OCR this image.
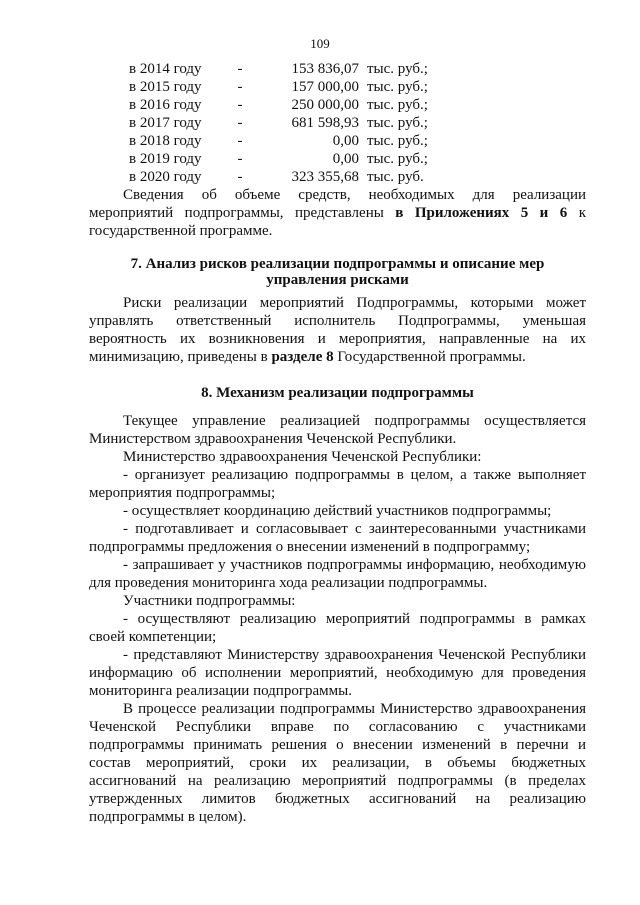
109
в 2014 году	-	153 836,07 тыс. руб.;
в 2015 году	-	157 000,00 тыс. руб.;
в 2016 году	-	250 000,00 тыс. руб.;
в 2017 году	-	681 598,93 тыс. руб.;
в 2018 году	-	0,00 тыс. руб.;
в 2019 году	-	0,00 тыс. руб.;
в 2020 году	-	323 355,68 тыс. руб.

Сведения об объеме средств, необходимых для реализации мероприятий подпрограммы, представлены в Приложениях 5 и 6 к государственной программе.

7. Анализ рисков реализации подпрограммы и описание мер управления рисками

Риски реализации мероприятий Подпрограммы, которыми может управлять ответственный исполнитель Подпрограммы, уменьшая вероятность их возникновения и мероприятия, направленные на их минимизацию, приведены в разделе 8 Государственной программы.

8. Механизм реализации подпрограммы

Текущее управление реализацией подпрограммы осуществляется Министерством здравоохранения Чеченской Республики.

Министерство здравоохранения Чеченской Республики:

- организует реализацию подпрограммы в целом, а также выполняет мероприятия подпрограммы;

- осуществляет координацию действий участников подпрограммы;

- подготавливает и согласовывает с заинтересованными участниками подпрограммы предложения о внесении изменений в подпрограмму;

- запрашивает у участников подпрограммы информацию, необходимую для проведения мониторинга хода реализации подпрограммы.

Участники подпрограммы:

- осуществляют реализацию мероприятий подпрограммы в рамках своей компетенции;

- представляют Министерству здравоохранения Чеченской Республики информацию об исполнении мероприятий, необходимую для проведения мониторинга реализации подпрограммы.

В процессе реализации подпрограммы Министерство здравоохранения Чеченской Республики вправе по согласованию с участниками подпрограммы принимать решения о внесении изменений в перечни и состав мероприятий, сроки их реализации, в объемы бюджетных ассигнований на реализацию мероприятий подпрограммы (в пределах утвержденных лимитов бюджетных ассигнований на реализацию подпрограммы в целом).
